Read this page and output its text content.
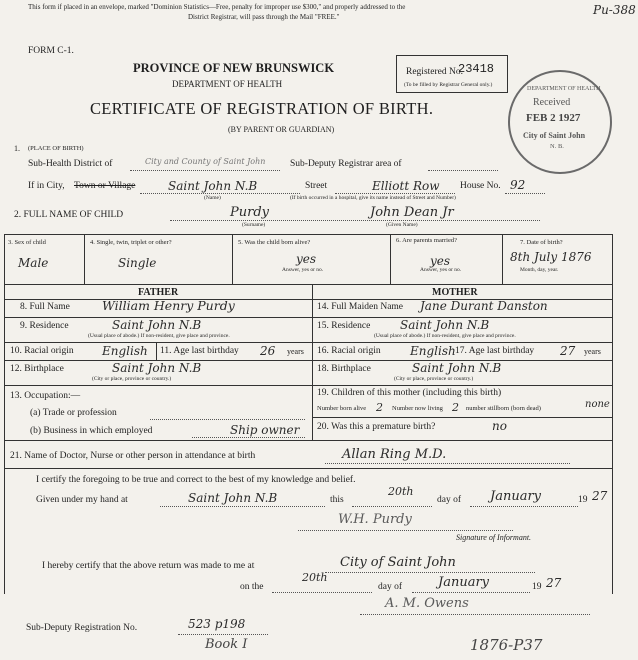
This form if placed in an envelope, marked "Dominion Statistics—Free, penalty for improper use $300," and properly addressed to the
District Registrar, will pass through the Mail "FREE."	Pu-388
FORM C-1.
PROVINCE OF NEW BRUNSWICK
DEPARTMENT OF HEALTH
CERTIFICATE OF REGISTRATION OF BIRTH.
(BY PARENT OR GUARDIAN)
Registered No.
23418
(To be filled by Registrar General only.)
DEPARTMENT OF HEALTH
Received
FEB 2 1927
City of Saint John
N. B.
1. (PLACE OF BIRTH)
Sub-Health District of	City and County of Saint John	Sub-Deputy Registrar area of
If in City, Town or Village	Saint John N.B	Street	Elliott Row House No. 92
(Name)	(If birth occurred in a hospital, give its name instead of Street and Number)
2. FULL NAME OF CHILD	Purdy	John Dean Jr
(Surname)	(Given Name)
3. Sex of child
Male
4. Single, twin, triplet or other?
Single
5. Was the child born alive?
yes
Answer, yes or no.
6. Are parents married?
yes
Answer, yes or no.
7. Date of birth?
8th July 1876
Month, day, year.
FATHER	MOTHER
8. Full Name	William Henry Purdy
9. Residence	Saint John N.B
(Usual place of abode.) If non-resident, give place and province.
10. Racial origin English 11. Age last birthday 26 years
12. Birthplace	Saint John N.B
(City or place, province or country.)
13. Occupation:—
(a) Trade or profession
(b) Business in which employed	Ship owner
14. Full Maiden Name Jane Durant Danston
15. Residence Saint John N.B
(Usual place of abode.) If non-resident, give place and province.
16. Racial origin English 17. Age last birthday 27 years
18. Birthplace	Saint John N.B
(City or place, province or country.)
19. Children of this mother (including this birth)
Number born alive 2 Number now living 2 number stillborn (born dead)	none
20. Was this a premature birth?	no
21. Name of Doctor, Nurse or other person in attendance at birth	Allan Ring M.D.
I certify the foregoing to be true and correct to the best of my knowledge and belief.
Given under my hand at	Saint John N.B	this
20th
day of January	19 27
W.H. Purdy
Signature of Informant.
I hereby certify that the above return was made to me at	City of Saint John
on the
20th
day of	January	19 27
A. M. Owens
Sub-Deputy Registration No.	523 p198
Book I	1876-P37
